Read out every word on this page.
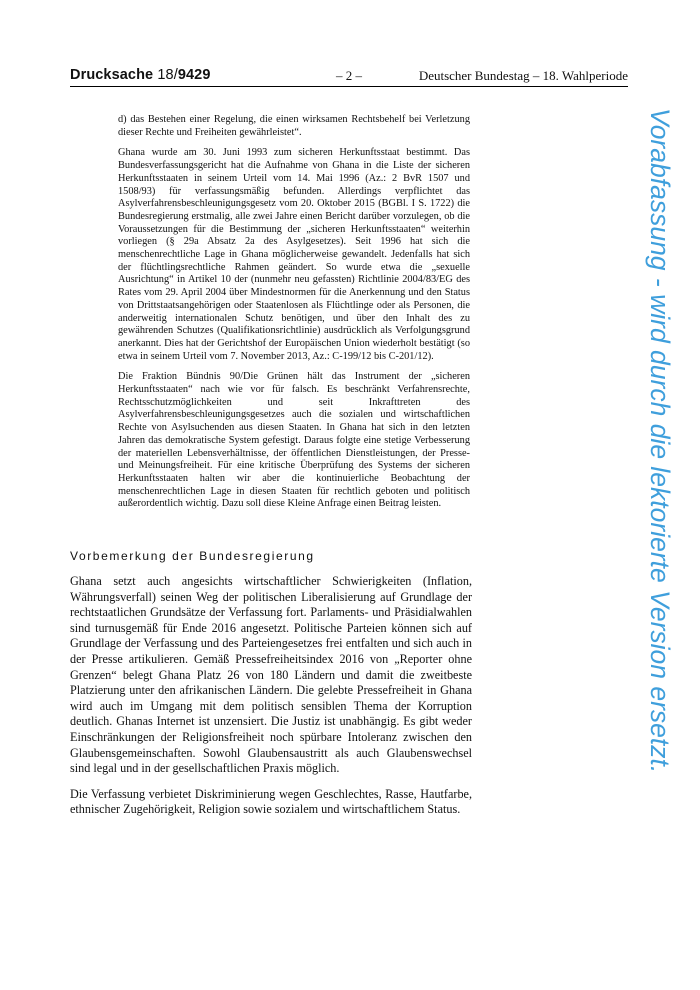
Drucksache 18/9429	– 2 –	Deutscher Bundestag – 18. Wahlperiode

d) das Bestehen einer Regelung, die einen wirksamen Rechtsbehelf bei Verletzung dieser Rechte und Freiheiten gewährleistet“.

Ghana wurde am 30. Juni 1993 zum sicheren Herkunftsstaat bestimmt. Das Bundesverfassungsgericht hat die Aufnahme von Ghana in die Liste der sicheren Herkunftsstaaten in seinem Urteil vom 14. Mai 1996 (Az.: 2 BvR 1507 und 1508/93) für verfassungsmäßig befunden. Allerdings verpflichtet das Asylverfahrensbeschleunigungsgesetz vom 20. Oktober 2015 (BGBl. I S. 1722) die Bundesregierung erstmalig, alle zwei Jahre einen Bericht darüber vorzulegen, ob die Voraussetzungen für die Bestimmung der „sicheren Herkunftsstaaten“ weiterhin vorliegen (§ 29a Absatz 2a des Asylgesetzes). Seit 1996 hat sich die menschenrechtliche Lage in Ghana möglicherweise gewandelt. Jedenfalls hat sich der flüchtlingsrechtliche Rahmen geändert. So wurde etwa die „sexuelle Ausrichtung“ in Artikel 10 der (nunmehr neu gefassten) Richtlinie 2004/83/EG des Rates vom 29. April 2004 über Mindestnormen für die Anerkennung und den Status von Drittstaatsangehörigen oder Staatenlosen als Flüchtlinge oder als Personen, die anderweitig internationalen Schutz benötigen, und über den Inhalt des zu gewährenden Schutzes (Qualifikationsrichtlinie) ausdrücklich als Verfolgungsgrund anerkannt. Dies hat der Gerichtshof der Europäischen Union wiederholt bestätigt (so etwa in seinem Urteil vom 7. November 2013, Az.: C-199/12 bis C-201/12).

Die Fraktion Bündnis 90/Die Grünen hält das Instrument der „sicheren Herkunftsstaaten“ nach wie vor für falsch. Es beschränkt Verfahrensrechte, Rechtsschutzmöglichkeiten und seit Inkrafttreten des Asylverfahrensbeschleunigungsgesetzes auch die sozialen und wirtschaftlichen Rechte von Asylsuchenden aus diesen Staaten. In Ghana hat sich in den letzten Jahren das demokratische System gefestigt. Daraus folgte eine stetige Verbesserung der materiellen Lebensverhältnisse, der öffentlichen Dienstleistungen, der Presse- und Meinungsfreiheit. Für eine kritische Überprüfung des Systems der sicheren Herkunftsstaaten halten wir aber die kontinuierliche Beobachtung der menschenrechtlichen Lage in diesen Staaten für rechtlich geboten und politisch außerordentlich wichtig. Dazu soll diese Kleine Anfrage einen Beitrag leisten.

Vorbemerkung der Bundesregierung

Ghana setzt auch angesichts wirtschaftlicher Schwierigkeiten (Inflation, Währungsverfall) seinen Weg der politischen Liberalisierung auf Grundlage der rechtstaatlichen Grundsätze der Verfassung fort. Parlaments- und Präsidialwahlen sind turnusgemäß für Ende 2016 angesetzt. Politische Parteien können sich auf Grundlage der Verfassung und des Parteiengesetzes frei entfalten und sich auch in der Presse artikulieren. Gemäß Pressefreiheitsindex 2016 von „Reporter ohne Grenzen“ belegt Ghana Platz 26 von 180 Ländern und damit die zweitbeste Platzierung unter den afrikanischen Ländern. Die gelebte Pressefreiheit in Ghana wird auch im Umgang mit dem politisch sensiblen Thema der Korruption deutlich. Ghanas Internet ist unzensiert. Die Justiz ist unabhängig. Es gibt weder Einschränkungen der Religionsfreiheit noch spürbare Intoleranz zwischen den Glaubensgemeinschaften. Sowohl Glaubensaustritt als auch Glaubenswechsel sind legal und in der gesellschaftlichen Praxis möglich.

Die Verfassung verbietet Diskriminierung wegen Geschlechtes, Rasse, Hautfarbe, ethnischer Zugehörigkeit, Religion sowie sozialem und wirtschaftlichem Status.

Vorabfassung - wird durch die lektorierte Version ersetzt.
